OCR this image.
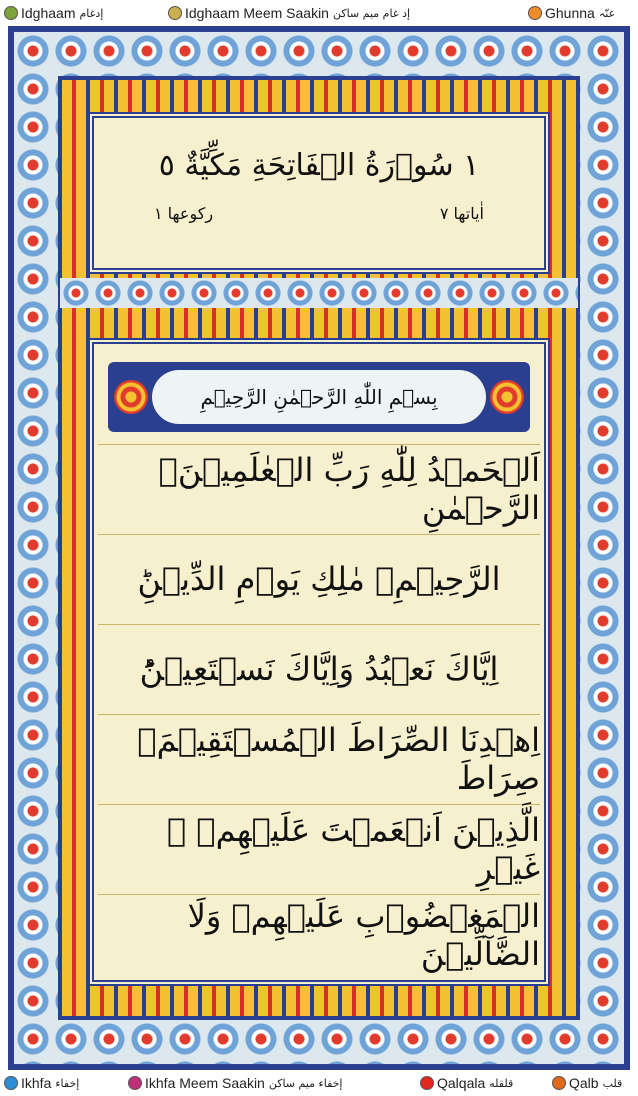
Idghaam إدغام	Idghaam Meem Saakin إد غام میم ساکن	Ghunna غنّہ
١ سُوۡرَةُ الۡفَاتِحَةِ مَكِّيَّةٌ ٥
اٰياتها ٧
ركوعها ١
بِسۡمِ اللّٰهِ الرَّحۡمٰنِ الرَّحِيۡمِ
اَلۡحَمۡدُ لِلّٰهِ رَبِّ الۡعٰلَمِيۡنَۙ الرَّحۡمٰنِ
الرَّحِيۡمِۙ مٰلِكِ يَوۡمِ الدِّيۡنِؕ
اِيَّاكَ نَعۡبُدُ وَاِيَّاكَ نَسۡتَعِيۡنُؕ
اِهۡدِنَا الصِّرَاطَ الۡمُسۡتَقِيۡمَۙ صِرَاطَ
الَّذِيۡنَ اَنۡعَمۡتَ عَلَيۡهِمۡ ۙ غَيۡرِ
الۡمَغۡضُوۡبِ عَلَيۡهِمۡ وَلَا الضَّآلِّيۡنَ
Ikhfa إخفاء	Ikhfa Meem Saakin إخفاء میم ساکن	Qalqala قلقله	Qalb قلب
